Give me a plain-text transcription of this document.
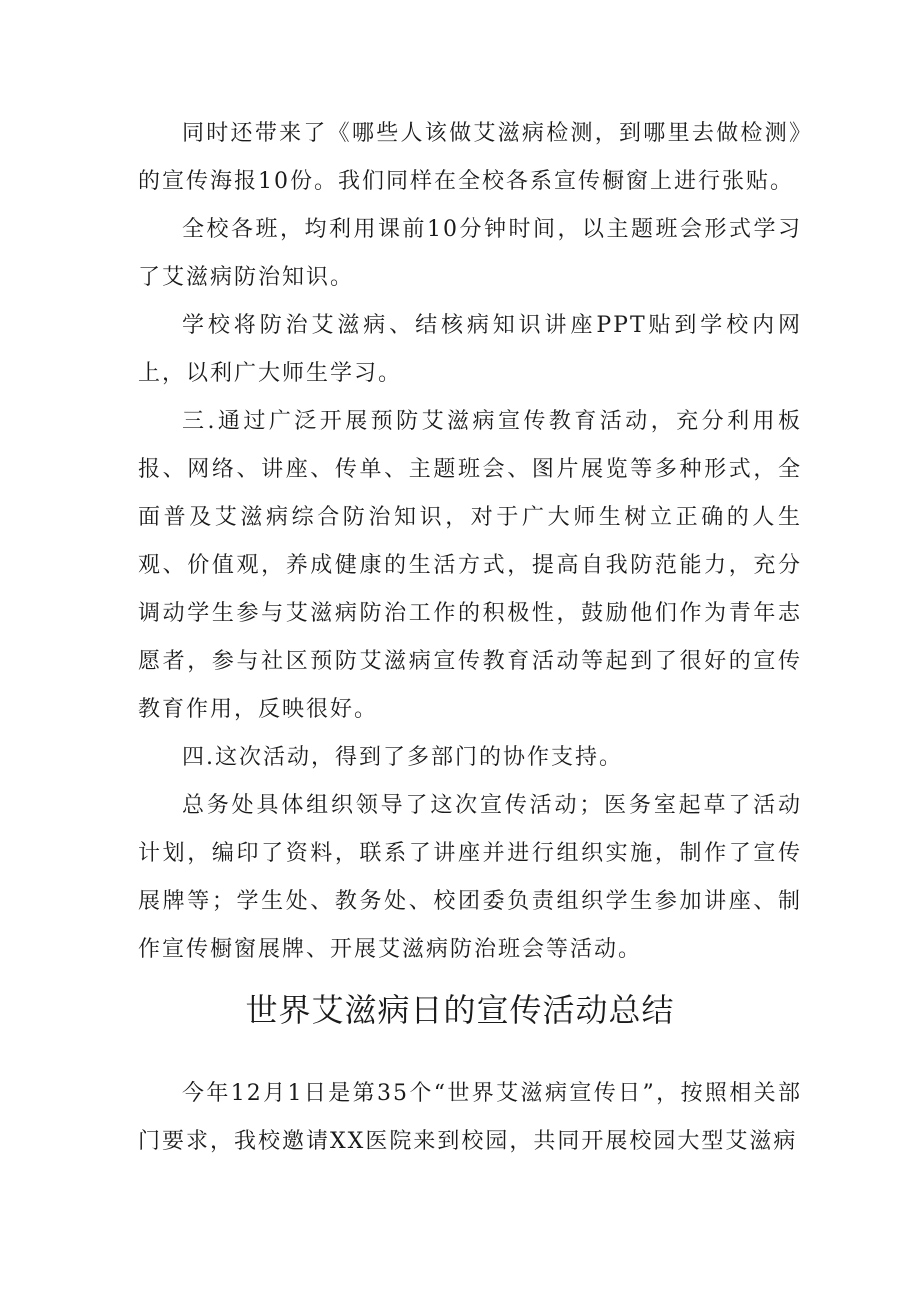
同时还带来了《哪些人该做艾滋病检测，到哪里去做检测》的宣传海报10份。我们同样在全校各系宣传橱窗上进行张贴。

全校各班，均利用课前10分钟时间，以主题班会形式学习了艾滋病防治知识。

学校将防治艾滋病、结核病知识讲座PPT贴到学校内网上，以利广大师生学习。

三.通过广泛开展预防艾滋病宣传教育活动，充分利用板报、网络、讲座、传单、主题班会、图片展览等多种形式，全面普及艾滋病综合防治知识，对于广大师生树立正确的人生观、价值观，养成健康的生活方式，提高自我防范能力，充分调动学生参与艾滋病防治工作的积极性，鼓励他们作为青年志愿者，参与社区预防艾滋病宣传教育活动等起到了很好的宣传教育作用，反映很好。

四.这次活动，得到了多部门的协作支持。

总务处具体组织领导了这次宣传活动；医务室起草了活动计划，编印了资料，联系了讲座并进行组织实施，制作了宣传展牌等；学生处、教务处、校团委负责组织学生参加讲座、制作宣传橱窗展牌、开展艾滋病防治班会等活动。

世界艾滋病日的宣传活动总结

今年12月1日是第35个“世界艾滋病宣传日”，按照相关部门要求，我校邀请XX医院来到校园，共同开展校园大型艾滋病
